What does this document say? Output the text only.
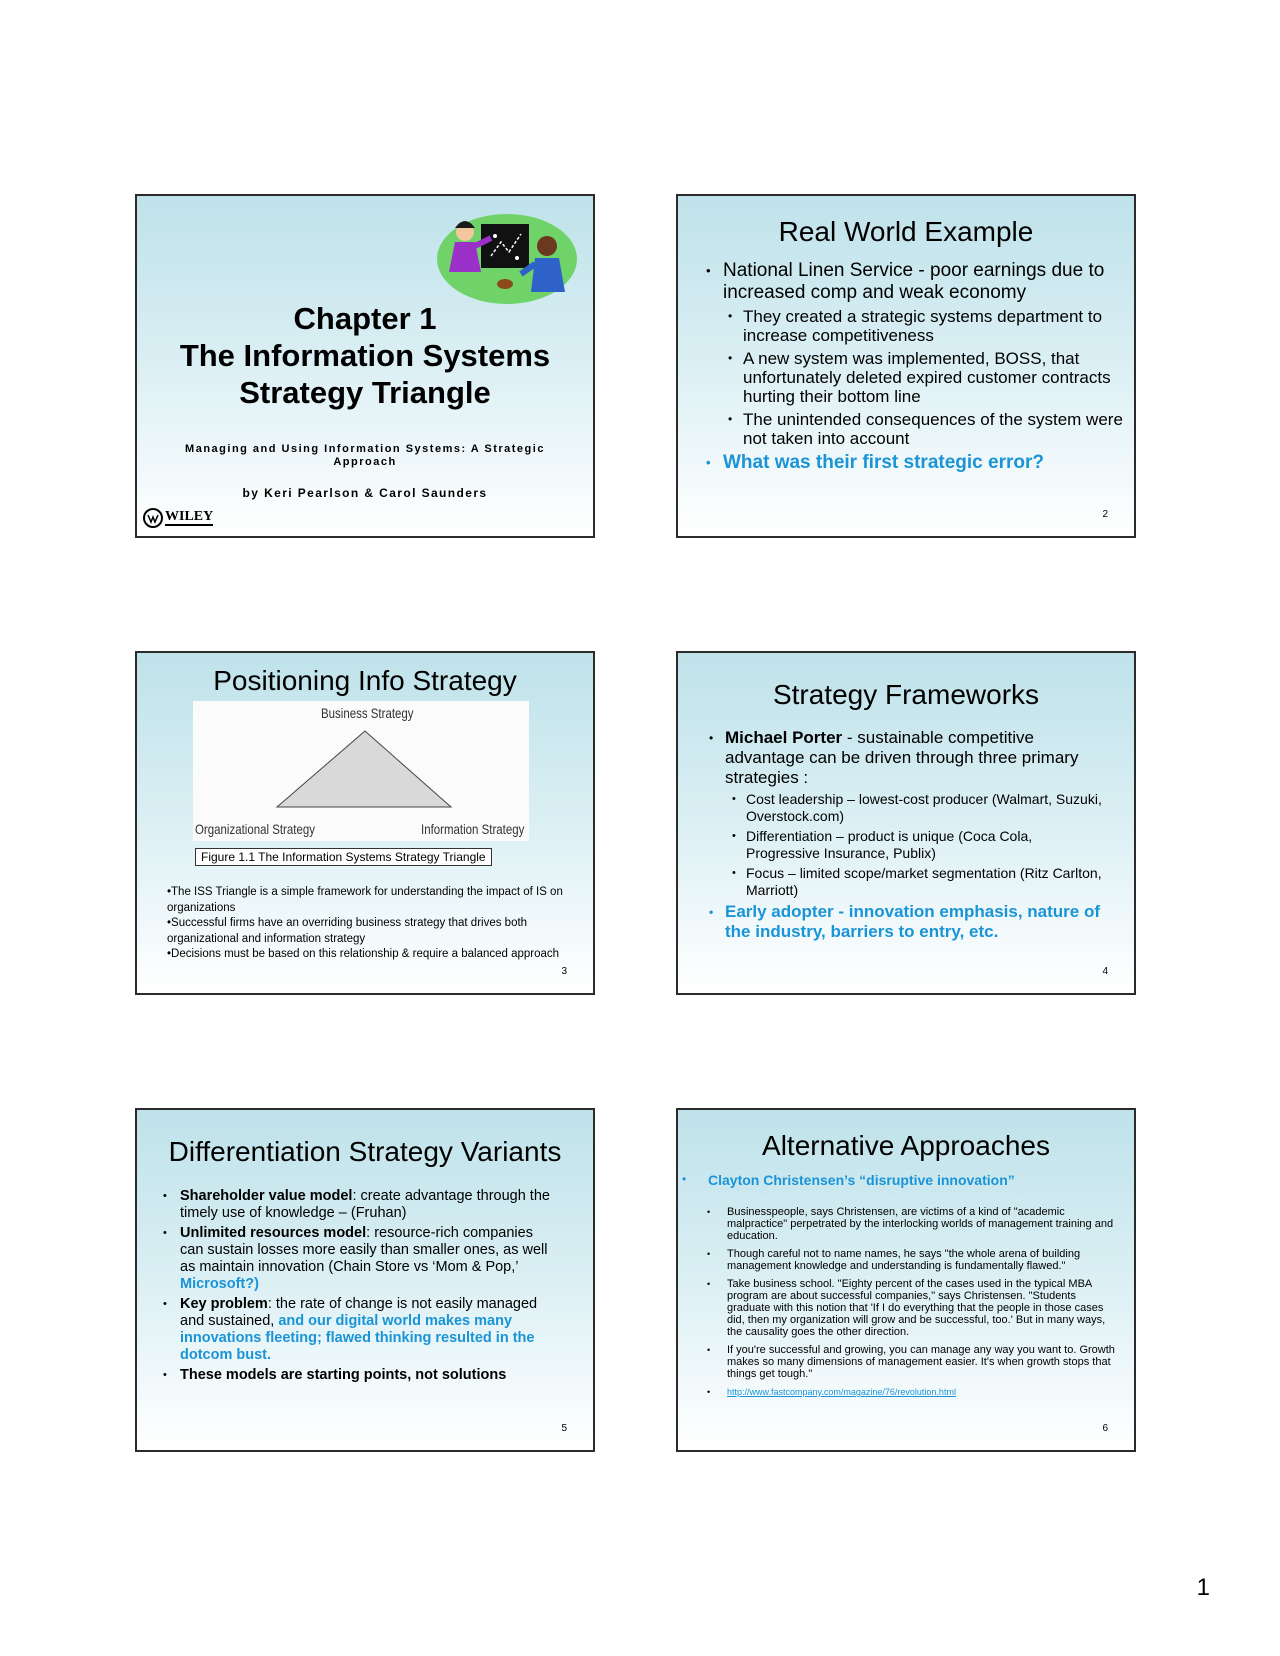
Chapter 1
The Information Systems
Strategy Triangle
Managing and Using Information Systems: A Strategic Approach
by Keri Pearlson & Carol Saunders
WILEY
Real World Example
• National Linen Service - poor earnings due to increased comp and weak economy
• They created a strategic systems department to increase competitiveness
• A new system was implemented, BOSS, that unfortunately deleted expired customer contracts hurting their bottom line
• The unintended consequences of the system were not taken into account
• What was their first strategic error?
2
Positioning Info Strategy
Business Strategy
Organizational Strategy	Information Strategy
Figure 1.1 The Information Systems Strategy Triangle

•The ISS Triangle is a simple framework for understanding the impact of IS on organizations

•Successful firms have an overriding business strategy that drives both organizational and information strategy

•Decisions must be based on this relationship & require a balanced approach

3
Strategy Frameworks
• Michael Porter - sustainable competitive advantage can be driven through three primary strategies :
• Cost leadership – lowest-cost producer (Walmart, Suzuki, Overstock.com)
• Differentiation – product is unique (Coca Cola, Progressive Insurance, Publix)
• Focus – limited scope/market segmentation (Ritz Carlton, Marriott)
• Early adopter - innovation emphasis, nature of the industry, barriers to entry, etc.
4
Differentiation Strategy Variants
• Shareholder value model: create advantage through the timely use of knowledge – (Fruhan)
• Unlimited resources model: resource-rich companies can sustain losses more easily than smaller ones, as well as maintain innovation (Chain Store vs ‘Mom & Pop,’ Microsoft?)
• Key problem: the rate of change is not easily managed and sustained, and our digital world makes many innovations fleeting; flawed thinking resulted in the dotcom bust.
• These models are starting points, not solutions
5
Alternative Approaches
• Clayton Christensen’s “disruptive innovation”
• Businesspeople, says Christensen, are victims of a kind of "academic malpractice" perpetrated by the interlocking worlds of management training and education.
• Though careful not to name names, he says "the whole arena of building management knowledge and understanding is fundamentally flawed."
• Take business school. "Eighty percent of the cases used in the typical MBA program are about successful companies," says Christensen. "Students graduate with this notion that 'If I do everything that the people in those cases did, then my organization will grow and be successful, too.' But in many ways, the causality goes the other direction.
• If you're successful and growing, you can manage any way you want to. Growth makes so many dimensions of management easier. It's when growth stops that things get tough."
• http://www.fastcompany.com/magazine/76/revolution.html
6
1
